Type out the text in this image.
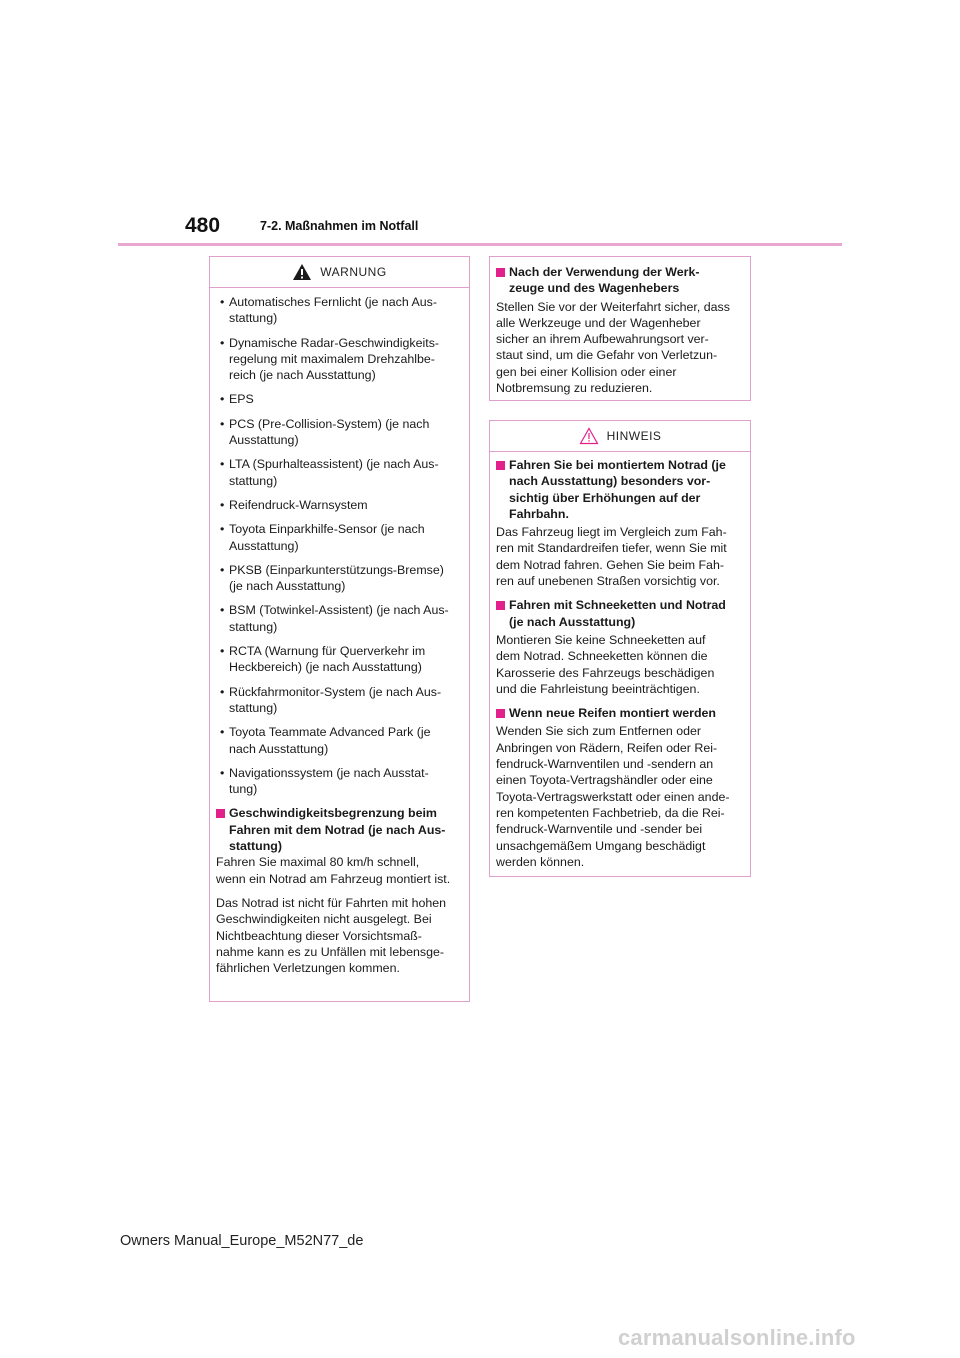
480	7-2. Maßnahmen im Notfall
WARNUNG
• Automatisches Fernlicht (je nach Aus-
stattung)
• Dynamische Radar-Geschwindigkeits-
regelung mit maximalem Drehzahlbe-
reich (je nach Ausstattung)
• EPS
• PCS (Pre-Collision-System) (je nach
Ausstattung)
• LTA (Spurhalteassistent) (je nach Aus-
stattung)
• Reifendruck-Warnsystem
• Toyota Einparkhilfe-Sensor (je nach
Ausstattung)
• PKSB (Einparkunterstützungs-Bremse)
(je nach Ausstattung)
• BSM (Totwinkel-Assistent) (je nach Aus-
stattung)
• RCTA (Warnung für Querverkehr im
Heckbereich) (je nach Ausstattung)
• Rückfahrmonitor-System (je nach Aus-
stattung)
• Toyota Teammate Advanced Park (je
nach Ausstattung)
• Navigationssystem (je nach Ausstat-
tung)
Geschwindigkeitsbegrenzung beim
Fahren mit dem Notrad (je nach Aus-
stattung)

Fahren Sie maximal 80 km/h schnell,
wenn ein Notrad am Fahrzeug montiert ist.

Das Notrad ist nicht für Fahrten mit hohen
Geschwindigkeiten nicht ausgelegt. Bei
Nichtbeachtung dieser Vorsichtsmaß-
nahme kann es zu Unfällen mit lebensge-
fährlichen Verletzungen kommen.

Nach der Verwendung der Werk-
zeuge und des Wagenhebers

Stellen Sie vor der Weiterfahrt sicher, dass
alle Werkzeuge und der Wagenheber
sicher an ihrem Aufbewahrungsort ver-
staut sind, um die Gefahr von Verletzun-
gen bei einer Kollision oder einer
Notbremsung zu reduzieren.

HINWEIS
Fahren Sie bei montiertem Notrad (je
nach Ausstattung) besonders vor-
sichtig über Erhöhungen auf der
Fahrbahn.

Das Fahrzeug liegt im Vergleich zum Fah-
ren mit Standardreifen tiefer, wenn Sie mit
dem Notrad fahren. Gehen Sie beim Fah-
ren auf unebenen Straßen vorsichtig vor.

Fahren mit Schneeketten und Notrad
(je nach Ausstattung)

Montieren Sie keine Schneeketten auf
dem Notrad. Schneeketten können die
Karosserie des Fahrzeugs beschädigen
und die Fahrleistung beeinträchtigen.

Wenn neue Reifen montiert werden

Wenden Sie sich zum Entfernen oder
Anbringen von Rädern, Reifen oder Rei-
fendruck-Warnventilen und -sendern an
einen Toyota-Vertragshändler oder eine
Toyota-Vertragswerkstatt oder einen ande-
ren kompetenten Fachbetrieb, da die Rei-
fendruck-Warnventile und -sender bei
unsachgemäßem Umgang beschädigt
werden können.

Owners Manual_Europe_M52N77_de
carmanualsonline.info
